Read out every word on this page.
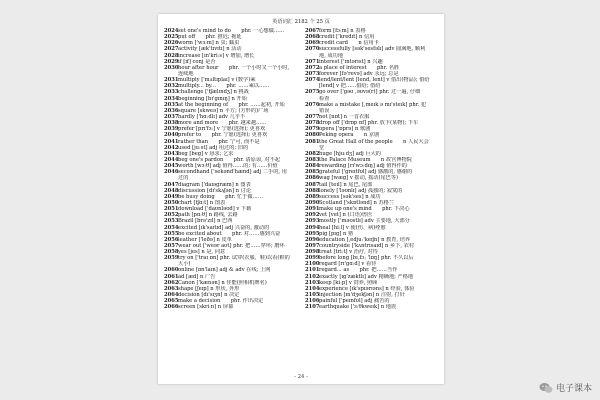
英语词汇 2182 个 25 页
2024 set one's mind to do　　phr. 一心想做……
2025 put off　　phr. 推迟; 拖延
2026 worm ['wɜːm] n 虫; 蠕虫
2027 activity [æk'tɪvɪtɪ] n 活动
2028 increase [ɪn'kriːs] v 增加, 增长
2029 if [ɪf] conj 是否
2030 hour after hour　　phr. 一个小时又一个小时,
连续地
2031 multiply ['mʌltɪplaɪ] v (数学)乘
2032 multiply... by...　　phr. ……乘以……
2033 challenge ['tʃælɪndʒ] n 挑战
2034 beginning [bɪ'gɪnɪŋ] n 开始
2035 at the beginning of　　phr. ……起初, 开始
2036 square [skweə] n 平方; (方形的)广场
2037 hardly ['hɑːdlɪ] adv 几乎不
2038 more and more　　phr. 越来越……
2039 prefer [prɪ'fɜː] v 宁愿(选择); 更喜欢
2040 prefer to　　phr. 宁愿(选择); 更喜欢
2041 rather than　　phr. 宁可, 而不是
2042 used [juːst] adj 用过的; 旧的
2043 beg [beg] v 恳求; 乞求
2044 beg one's pardon　　phr. 请原谅, 对不起
2045 worth [wɜːθ] adj 值得……的; 有……价值
2046 secondhand ['sekənd'hænd] adj 二手的, 用
过的
2047 diagram ['daɪəgræm] n 图表
2048 discussion [dɪ'skʌʃən] n 讨论
2049 be busy doing　　phr. 忙于做……
2050 chart [tʃɑːt] n 图表
2051 download ['daʊnləʊd] v 下载
2052 path [pɑːθ] n 路线, 去路
2053 Brazil [brə'zɪl] n 巴西
2054 excited [ɪk'saɪtɪd] adj 兴奋的, 激动的
2055 be excited about　　phr. 对……感到兴奋
2056 leather ['leðə] n 皮革
2057 wear out ['weər aʊt] phr. 把……穿坏; 磨坏
2058 yes [jes] n 是, 同意
2059 try on ['traɪ ɒn] phr. 试穿(衣服、鞋)以看(鞋的
大小)
2060 online [ɒn'laɪn] adj & adv 在线; 上网
2061 ad [æd] n 广告
2062 Canon ['kænən] n 佳能(照相机牌名)
2063 shape [ʃeɪp] n 形状, 外形
2064 decision [dɪ'sɪʒn] n 决定
2065 make a decision　　phr. 作出决定
2066 screen [skriːn] n 屏幕
2067 form [fɔːm] n 表格
2068 credit ['kredɪt] n 信用
2069 credit card　　n 信用卡
2070 successfully [sək'sesfəlɪ] adv 圆满地, 顺利
地, 成功地
2071 interest ['ɪntərɪst] n 兴趣
2072 a place of interest　　phr. 名胜
2073 forever [fə'revə] adv 永远; 总是
2074 lend/lent/lent [lend, lent] v 借出(物品); 借给
[lend] v 把……借给; 借给
2075 go over ['gəʊ ,əʊvə(r)] phr. 过一遍, 仔细
检查
2076 make a mistake [,meɪk ə mɪ'steɪk] phr. 犯
错误
2077 not [nɒt] n 一首衣服
2078 drop off ['drɒp ɒf] phr. 放下(某物); 下车
2079 opera ['ɒprə] n 歌剧
2080 Peking opera　　n 京剧
2081 the Great Hall of the people　　n 人民大会
堂
2082 huge [hjuːdʒ] adj 巨大的
2083 the Palace Museum　　n 故宫博物院
2084 rewarding [rɪ'wɔːdɪŋ] adj 值得作的
2085 grateful ['greɪtfʊl] adj 感激的, 感谢的
2086 wag [wæg] v 摇动, 摇动(尾巴等)
2087 tail [teɪl] n 尾巴, 尾部
2088 lonely ['ləʊnlɪ] adj 孤独的; 寂寞的
2089 success [sək'ses] n 成功
2090 Scotland ['skɒtlənd] n 苏格兰
2091 make up one's mind　　phr. 下决心
2092 vet [vet] n (口语)兽医
2093 mostly ['məʊstlɪ] adv 主要地, 大部分
2094 heal [hiːl] v 使(伤、病)痊愈
2095 pig [pɪg] n 猪
2096 education [,edjuː'keɪʃn] n 教育, 培养
2097 countryside ['kʌntrɪsaɪd] n 乡下, 农村
2098 treat [triːt] v 治疗, 对待
2099 before long [bɪ,fɔː 'lɒŋ] phr. 不久以后
2100 regard [rɪ'gɑːd] v 看待
2101 regard... as　　phr. 把……当作
2102 exactly [ɪg'zæktlɪ] adv 精确地; 严格地
2103 keep [kiːp] v 饲养, 照顾
2104 experience [ɪk'spɪərɪəns] n 经验, 体验
2105 injection [ɪn'dʒekʃən] n 注射, 打针
2106 painful ['peɪnfʊl] adj 痛苦的
2107 earthquake ['ɜːθkweɪk] n 地震
- 24 -
电子课本
